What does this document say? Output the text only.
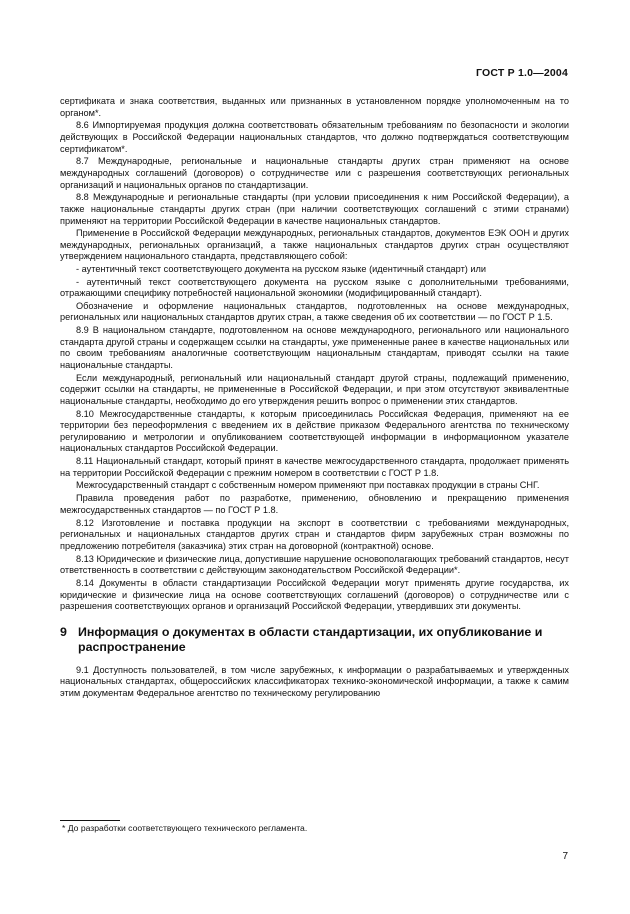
ГОСТ Р 1.0—2004

сертификата и знака соответствия, выданных или признанных в установленном порядке уполномоченным на то органом*.

8.6 Импортируемая продукция должна соответствовать обязательным требованиям по безопасности и экологии действующих в Российской Федерации национальных стандартов, что должно подтверждаться соответствующим сертификатом*.

8.7 Международные, региональные и национальные стандарты других стран применяют на основе международных соглашений (договоров) о сотрудничестве или с разрешения соответствующих региональных организаций и национальных органов по стандартизации.

8.8 Международные и региональные стандарты (при условии присоединения к ним Российской Федерации), а также национальные стандарты других стран (при наличии соответствующих соглашений с этими странами) применяют на территории Российской Федерации в качестве национальных стандартов.

Применение в Российской Федерации международных, региональных стандартов, документов ЕЭК ООН и других международных, региональных организаций, а также национальных стандартов других стран осуществляют утверждением национального стандарта, представляющего собой:

- аутентичный текст соответствующего документа на русском языке (идентичный стандарт) или

- аутентичный текст соответствующего документа на русском языке с дополнительными требованиями, отражающими специфику потребностей национальной экономики (модифицированный стандарт).

Обозначение и оформление национальных стандартов, подготовленных на основе международных, региональных или национальных стандартов других стран, а также сведения об их соответствии — по ГОСТ Р 1.5.

8.9 В национальном стандарте, подготовленном на основе международного, регионального или национального стандарта другой страны и содержащем ссылки на стандарты, уже примененные ранее в качестве национальных или по своим требованиям аналогичные соответствующим национальным стандартам, приводят ссылки на такие национальные стандарты.

Если международный, региональный или национальный стандарт другой страны, подлежащий применению, содержит ссылки на стандарты, не примененные в Российской Федерации, и при этом отсутствуют эквивалентные национальные стандарты, необходимо до его утверждения решить вопрос о применении этих стандартов.

8.10 Межгосударственные стандарты, к которым присоединилась Российская Федерация, применяют на ее территории без переоформления с введением их в действие приказом Федерального агентства по техническому регулированию и метрологии и опубликованием соответствующей информации в информационном указателе национальных стандартов Российской Федерации.

8.11 Национальный стандарт, который принят в качестве межгосударственного стандарта, продолжает применять на территории Российской Федерации с прежним номером в соответствии с ГОСТ Р 1.8.

Межгосударственный стандарт с собственным номером применяют при поставках продукции в страны СНГ.

Правила проведения работ по разработке, применению, обновлению и прекращению применения межгосударственных стандартов — по ГОСТ Р 1.8.

8.12 Изготовление и поставка продукции на экспорт в соответствии с требованиями международных, региональных и национальных стандартов других стран и стандартов фирм зарубежных стран возможны по предложению потребителя (заказчика) этих стран на договорной (контрактной) основе.

8.13 Юридические и физические лица, допустившие нарушение основополагающих требований стандартов, несут ответственность в соответствии с действующим законодательством Российской Федерации*.

8.14 Документы в области стандартизации Российской Федерации могут применять другие государства, их юридические и физические лица на основе соответствующих соглашений (договоров) о сотрудничестве или с разрешения соответствующих органов и организаций Российской Федерации, утвердивших эти документы.

9 Информация о документах в области стандартизации, их опубликование и распространение

9.1 Доступность пользователей, в том числе зарубежных, к информации о разрабатываемых и утвержденных национальных стандартах, общероссийских классификаторах технико-экономической информации, а также к самим этим документам Федеральное агентство по техническому регулированию

* До разработки соответствующего технического регламента.
7
